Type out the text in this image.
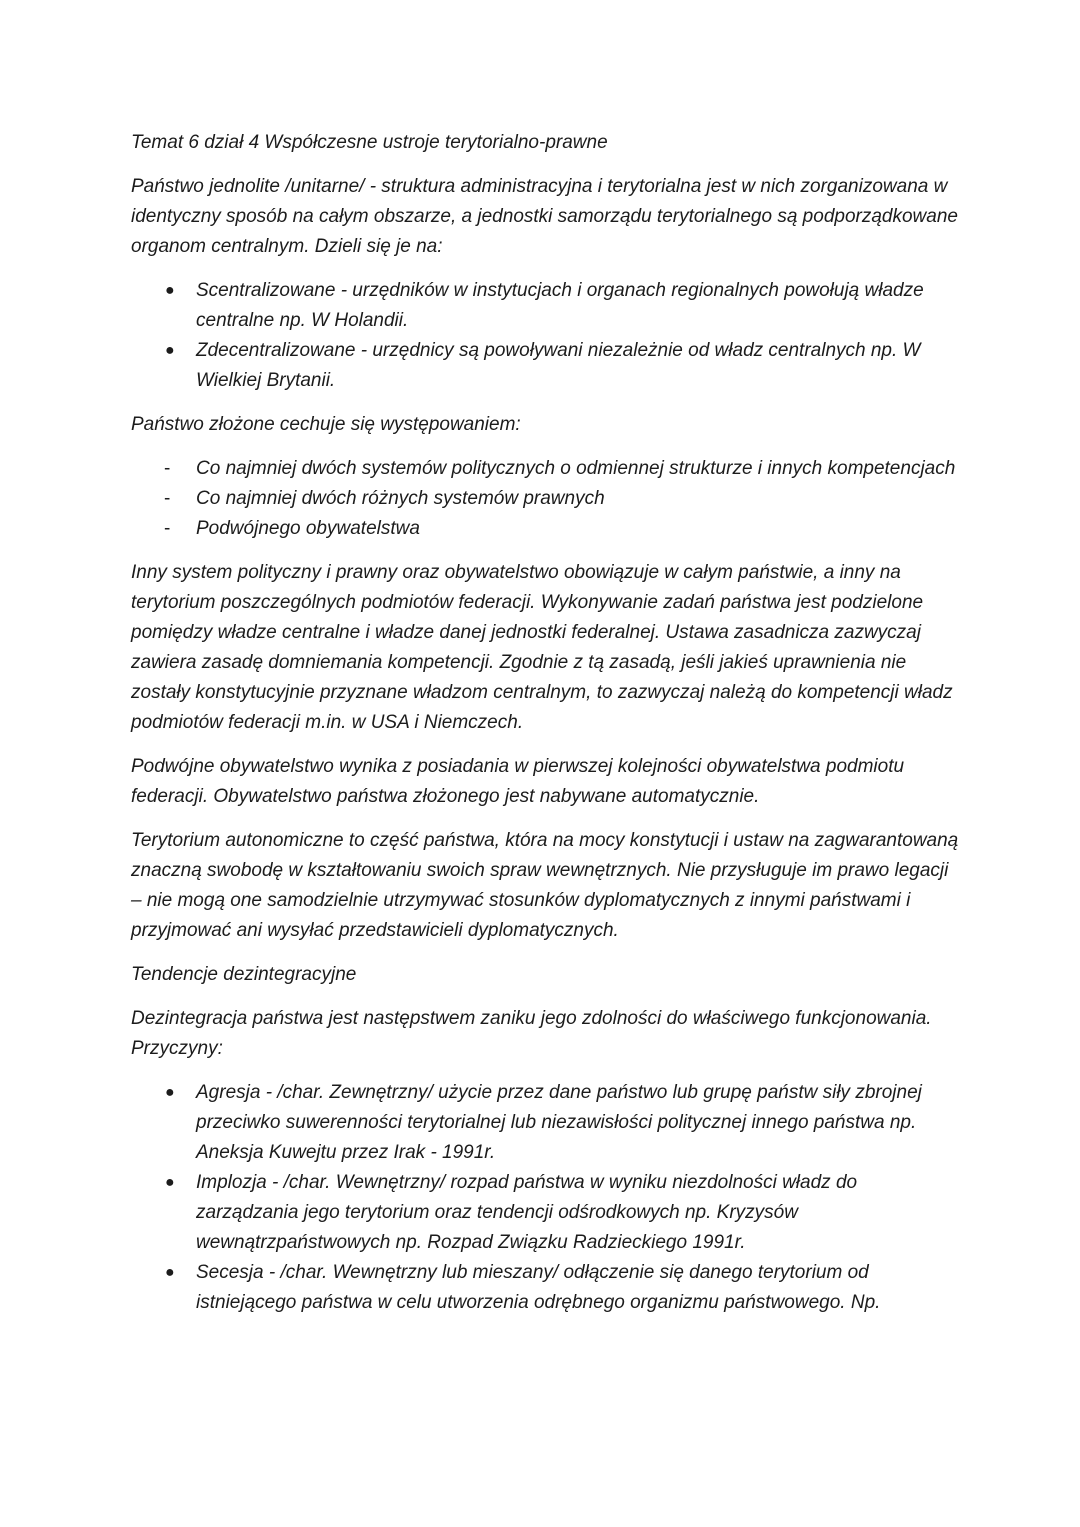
Temat 6 dział 4 Współczesne ustroje terytorialno-prawne

Państwo jednolite /unitarne/ - struktura administracyjna i terytorialna jest w nich zorganizowana w identyczny sposób na całym obszarze, a jednostki samorządu terytorialnego są podporządkowane organom centralnym. Dzieli się je na:

● Scentralizowane - urzędników w instytucjach i organach regionalnych powołują władze centralne np. W Holandii.
● Zdecentralizowane - urzędnicy są powoływani niezależnie od władz centralnych np. W Wielkiej Brytanii.

Państwo złożone cechuje się występowaniem:

- Co najmniej dwóch systemów politycznych o odmiennej strukturze i innych kompetencjach
- Co najmniej dwóch różnych systemów prawnych
- Podwójnego obywatelstwa

Inny system polityczny i prawny oraz obywatelstwo obowiązuje w całym państwie, a inny na terytorium poszczególnych podmiotów federacji. Wykonywanie zadań państwa jest podzielone pomiędzy władze centralne i władze danej jednostki federalnej. Ustawa zasadnicza zazwyczaj zawiera zasadę domniemania kompetencji. Zgodnie z tą zasadą, jeśli jakieś uprawnienia nie zostały konstytucyjnie przyznane władzom centralnym, to zazwyczaj należą do kompetencji władz podmiotów federacji m.in. w USA i Niemczech.

Podwójne obywatelstwo wynika z posiadania w pierwszej kolejności obywatelstwa podmiotu federacji. Obywatelstwo państwa złożonego jest nabywane automatycznie.

Terytorium autonomiczne to część państwa, która na mocy konstytucji i ustaw na zagwarantowaną znaczną swobodę w kształtowaniu swoich spraw wewnętrznych. Nie przysługuje im prawo legacji – nie mogą one samodzielnie utrzymywać stosunków dyplomatycznych z innymi państwami i przyjmować ani wysyłać przedstawicieli dyplomatycznych.

Tendencje dezintegracyjne

Dezintegracja państwa jest następstwem zaniku jego zdolności do właściwego funkcjonowania. Przyczyny:

● Agresja - /char. Zewnętrzny/ użycie przez dane państwo lub grupę państw siły zbrojnej przeciwko suwerenności terytorialnej lub niezawisłości politycznej innego państwa np. Aneksja Kuwejtu przez Irak - 1991r.
● Implozja - /char. Wewnętrzny/ rozpad państwa w wyniku niezdolności władz do zarządzania jego terytorium oraz tendencji odśrodkowych np. Kryzysów wewnątrzpaństwowych np. Rozpad Związku Radzieckiego 1991r.
● Secesja - /char. Wewnętrzny lub mieszany/ odłączenie się danego terytorium od istniejącego państwa w celu utworzenia odrębnego organizmu państwowego. Np.
